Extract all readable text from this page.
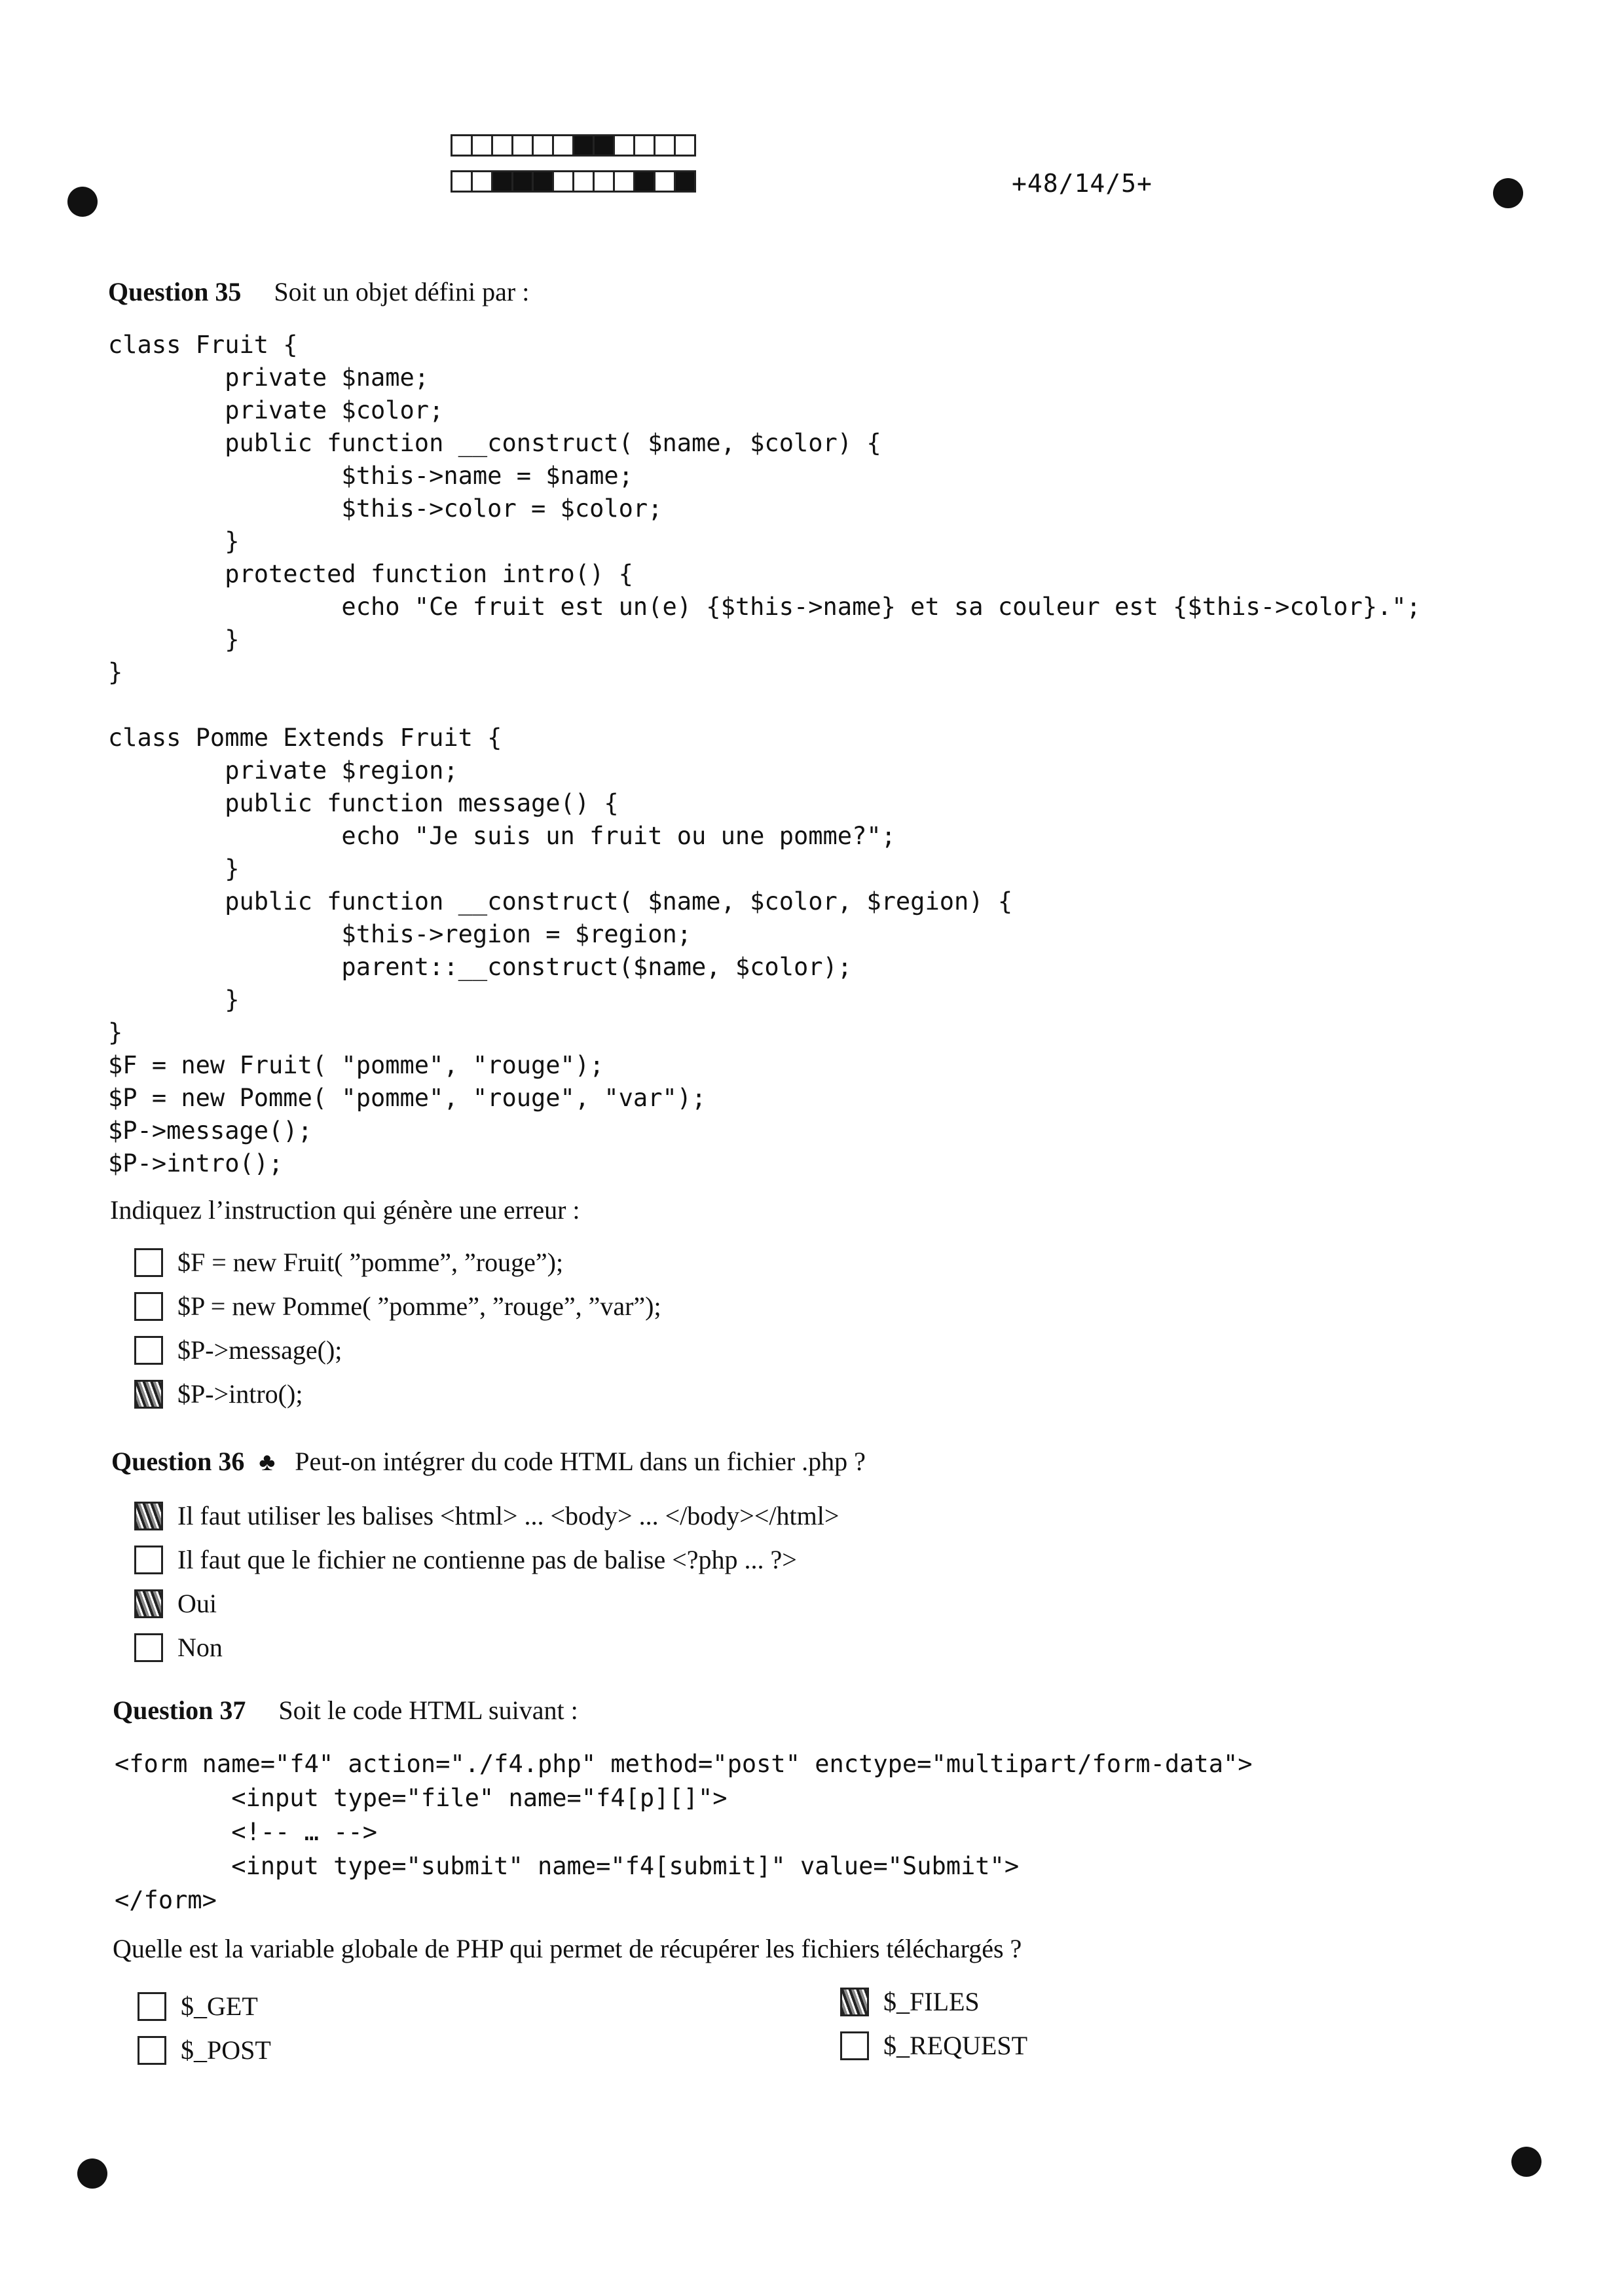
+48/14/5+
Question 35 Soit un objet défini par :
class Fruit {
private $name;
private $color;
public function __construct( $name, $color) {
$this->name = $name;
$this->color = $color;
}
protected function intro() {
echo "Ce fruit est un(e) {$this->name} et sa couleur est {$this->color}.";
}
}

class Pomme Extends Fruit {
private $region;
public function message() {
echo "Je suis un fruit ou une pomme?";
}
public function __construct( $name, $color, $region) {
$this->region = $region;
parent::__construct($name, $color);
}
}
$F = new Fruit( "pomme", "rouge");
$P = new Pomme( "pomme", "rouge", "var");
$P->message();
$P->intro();
Indiquez l’instruction qui génère une erreur :
$F = new Fruit( ”pomme”, ”rouge”);
$P = new Pomme( ”pomme”, ”rouge”, ”var”);
$P->message();
$P->intro();
Question 36 ♣ Peut-on intégrer du code HTML dans un fichier .php ?
Il faut utiliser les balises <html> ... <body> ... </body></html>
Il faut que le fichier ne contienne pas de balise <?php ... ?>
Oui
Non
Question 37 Soit le code HTML suivant :
<form name="f4" action="./f4.php" method="post" enctype="multipart/form-data">
<input type="file" name="f4[p][]">
<!-- … -->
<input type="submit" name="f4[submit]" value="Submit">
</form>
Quelle est la variable globale de PHP qui permet de récupérer les fichiers téléchargés ?
$_GET
$_POST
$_FILES
$_REQUEST
